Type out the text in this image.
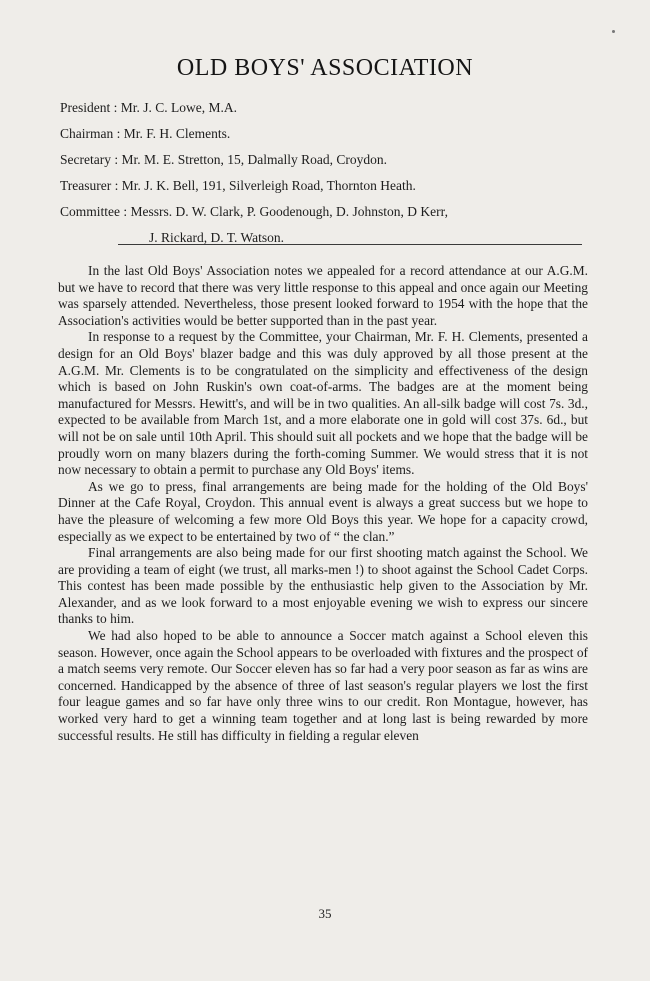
OLD BOYS' ASSOCIATION
President : Mr. J. C. Lowe, M.A.
Chairman : Mr. F. H. Clements.
Secretary : Mr. M. E. Stretton, 15, Dalmally Road, Croydon.
Treasurer : Mr. J. K. Bell, 191, Silverleigh Road, Thornton Heath.
Committee : Messrs. D. W. Clark, P. Goodenough, D. Johnston, D Kerr,
J. Rickard, D. T. Watson.

In the last Old Boys' Association notes we appealed for a record attendance at our A.G.M. but we have to record that there was very little response to this appeal and once again our Meeting was sparsely attended. Nevertheless, those present looked forward to 1954 with the hope that the Association's activities would be better supported than in the past year.

In response to a request by the Committee, your Chairman, Mr. F. H. Clements, presented a design for an Old Boys' blazer badge and this was duly approved by all those present at the A.G.M. Mr. Clements is to be congratulated on the simplicity and effectiveness of the design which is based on John Ruskin's own coat-of-arms. The badges are at the moment being manufactured for Messrs. Hewitt's, and will be in two qualities. An all-silk badge will cost 7s. 3d., expected to be available from March 1st, and a more elaborate one in gold will cost 37s. 6d., but will not be on sale until 10th April. This should suit all pockets and we hope that the badge will be proudly worn on many blazers during the forth-coming Summer. We would stress that it is not now necessary to obtain a permit to purchase any Old Boys' items.

As we go to press, final arrangements are being made for the holding of the Old Boys' Dinner at the Cafe Royal, Croydon. This annual event is always a great success but we hope to have the pleasure of welcoming a few more Old Boys this year. We hope for a capacity crowd, especially as we expect to be entertained by two of “ the clan.”

Final arrangements are also being made for our first shooting match against the School. We are providing a team of eight (we trust, all marks-men !) to shoot against the School Cadet Corps. This contest has been made possible by the enthusiastic help given to the Association by Mr. Alexander, and as we look forward to a most enjoyable evening we wish to express our sincere thanks to him.

We had also hoped to be able to announce a Soccer match against a School eleven this season. However, once again the School appears to be overloaded with fixtures and the prospect of a match seems very remote. Our Soccer eleven has so far had a very poor season as far as wins are concerned. Handicapped by the absence of three of last season's regular players we lost the first four league games and so far have only three wins to our credit. Ron Montague, however, has worked very hard to get a winning team together and at long last is being rewarded by more successful results. He still has difficulty in fielding a regular eleven

35
